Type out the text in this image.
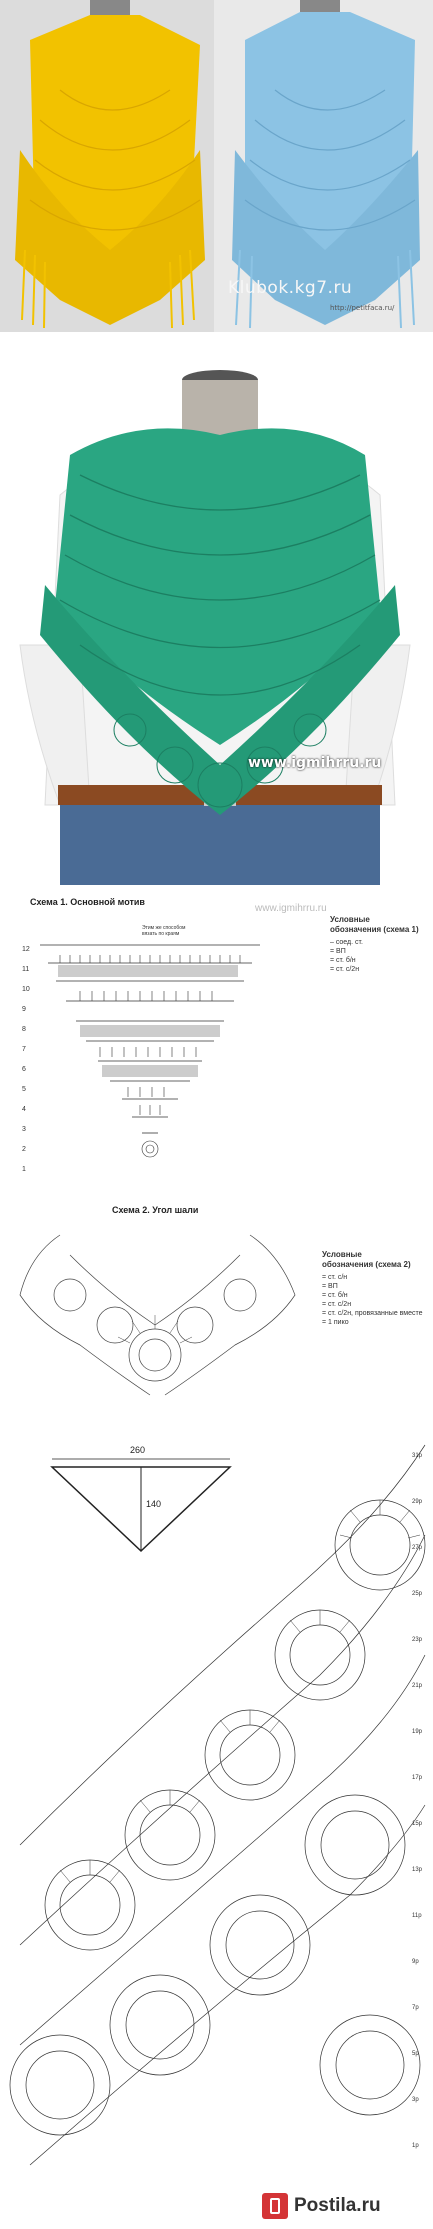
Klubok.kg7.ru
http://petitfaca.ru/
www.igmihrru.ru
Схема 1. Основной мотив
Этим же способом
вязать по краям
www.igmihrru.ru
12
11
10
9
8
7
6
5
4
3
2
1
Условные
обозначения (схема 1)
– соед. ст.
= ВП
= ст. б/н
= ст. с/2н
Схема 2. Угол шали
Условные
обозначения (схема 2)
= ст. с/н
= ВП
= ст. б/н
= ст. с/2н
= ст. с/2н, провязанные вместе
= 1 пико
260
140
31р
29р
27р
25р
23р
21р
19р
17р
15р
13р
11р
9р
7р
5р
3р
1р
Postila.ru
